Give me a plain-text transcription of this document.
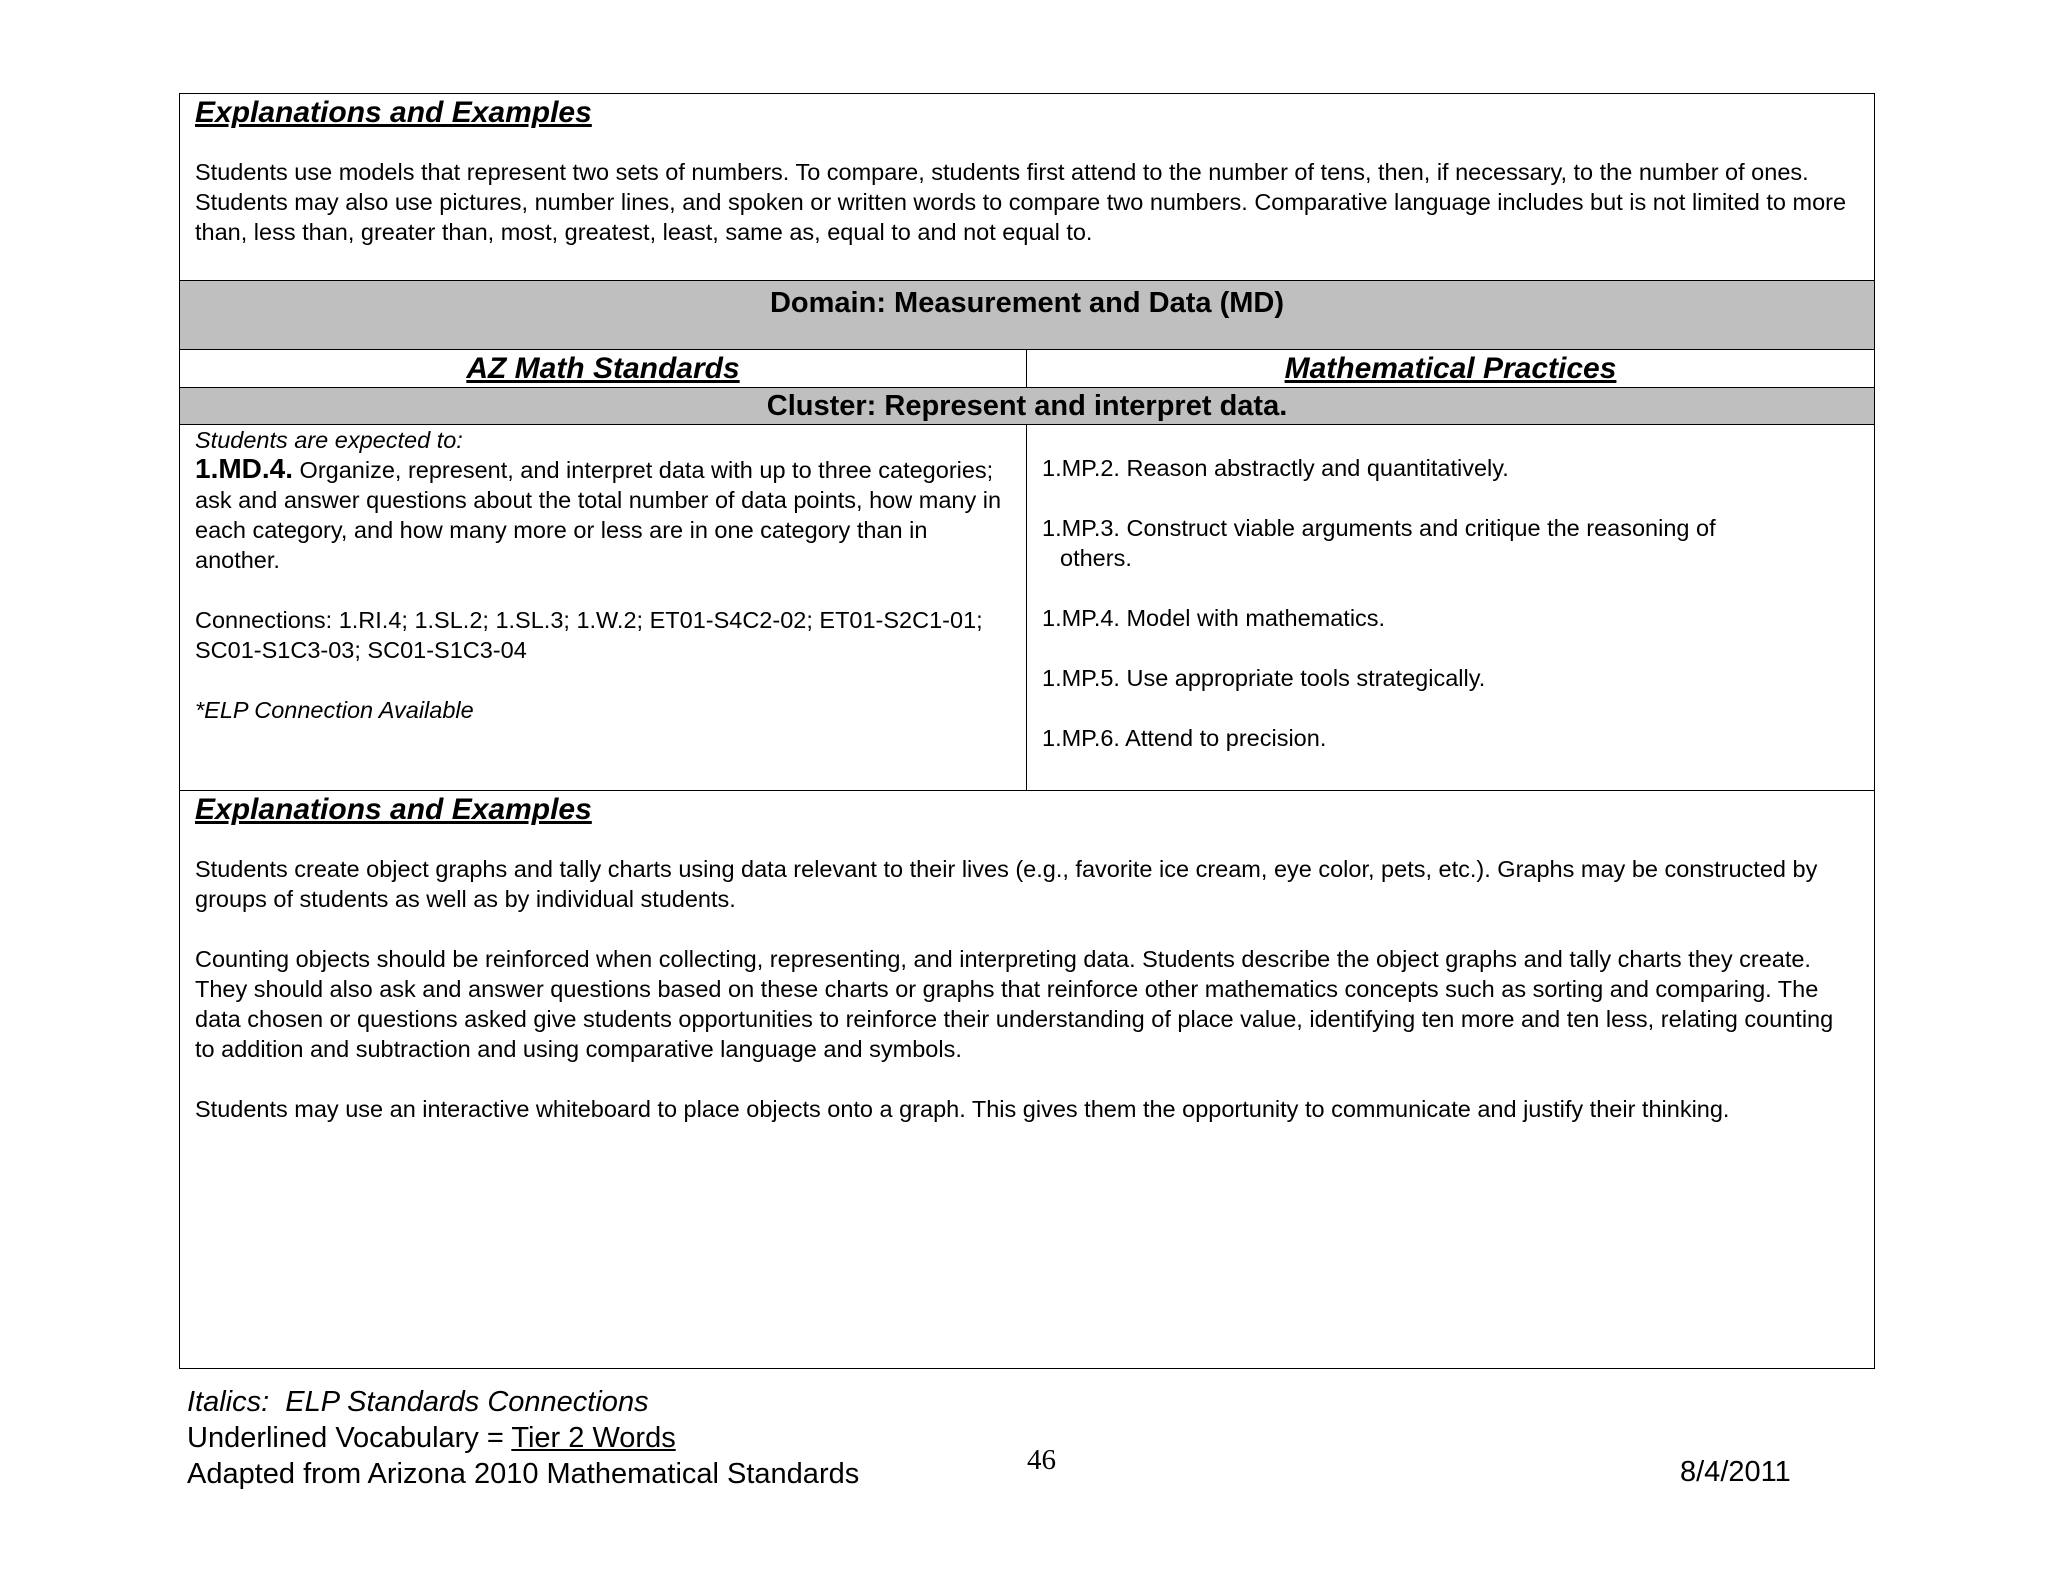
Explanations and Examples

Students use models that represent two sets of numbers. To compare, students first attend to the number of tens, then, if necessary, to the number of ones. Students may also use pictures, number lines, and spoken or written words to compare two numbers. Comparative language includes but is not limited to more than, less than, greater than, most, greatest, least, same as, equal to and not equal to.

Domain: Measurement and Data (MD)
AZ Math Standards	Mathematical Practices
Cluster: Represent and interpret data.
Students are expected to:

1.MD.4. Organize, represent, and interpret data with up to three categories; ask and answer questions about the total number of data points, how many in each category, and how many more or less are in one category than in another.

Connections: 1.RI.4; 1.SL.2; 1.SL.3; 1.W.2; ET01-S4C2-02; ET01-S2C1-01;
SC01-S1C3-03; SC01-S1C3-04
*ELP Connection Available
1.MP.2. Reason abstractly and quantitatively.
1.MP.3. Construct viable arguments and critique the reasoning of
others.
1.MP.4. Model with mathematics.
1.MP.5. Use appropriate tools strategically.
1.MP.6. Attend to precision.
Explanations and Examples

Students create object graphs and tally charts using data relevant to their lives (e.g., favorite ice cream, eye color, pets, etc.). Graphs may be constructed by groups of students as well as by individual students.

Counting objects should be reinforced when collecting, representing, and interpreting data. Students describe the object graphs and tally charts they create. They should also ask and answer questions based on these charts or graphs that reinforce other mathematics concepts such as sorting and comparing. The data chosen or questions asked give students opportunities to reinforce their understanding of place value, identifying ten more and ten less, relating counting to addition and subtraction and using comparative language and symbols.

Students may use an interactive whiteboard to place objects onto a graph. This gives them the opportunity to communicate and justify their thinking.

Italics:  ELP Standards Connections
Underlined Vocabulary = Tier 2 Words
Adapted from Arizona 2010 Mathematical Standards	46	8/4/2011
